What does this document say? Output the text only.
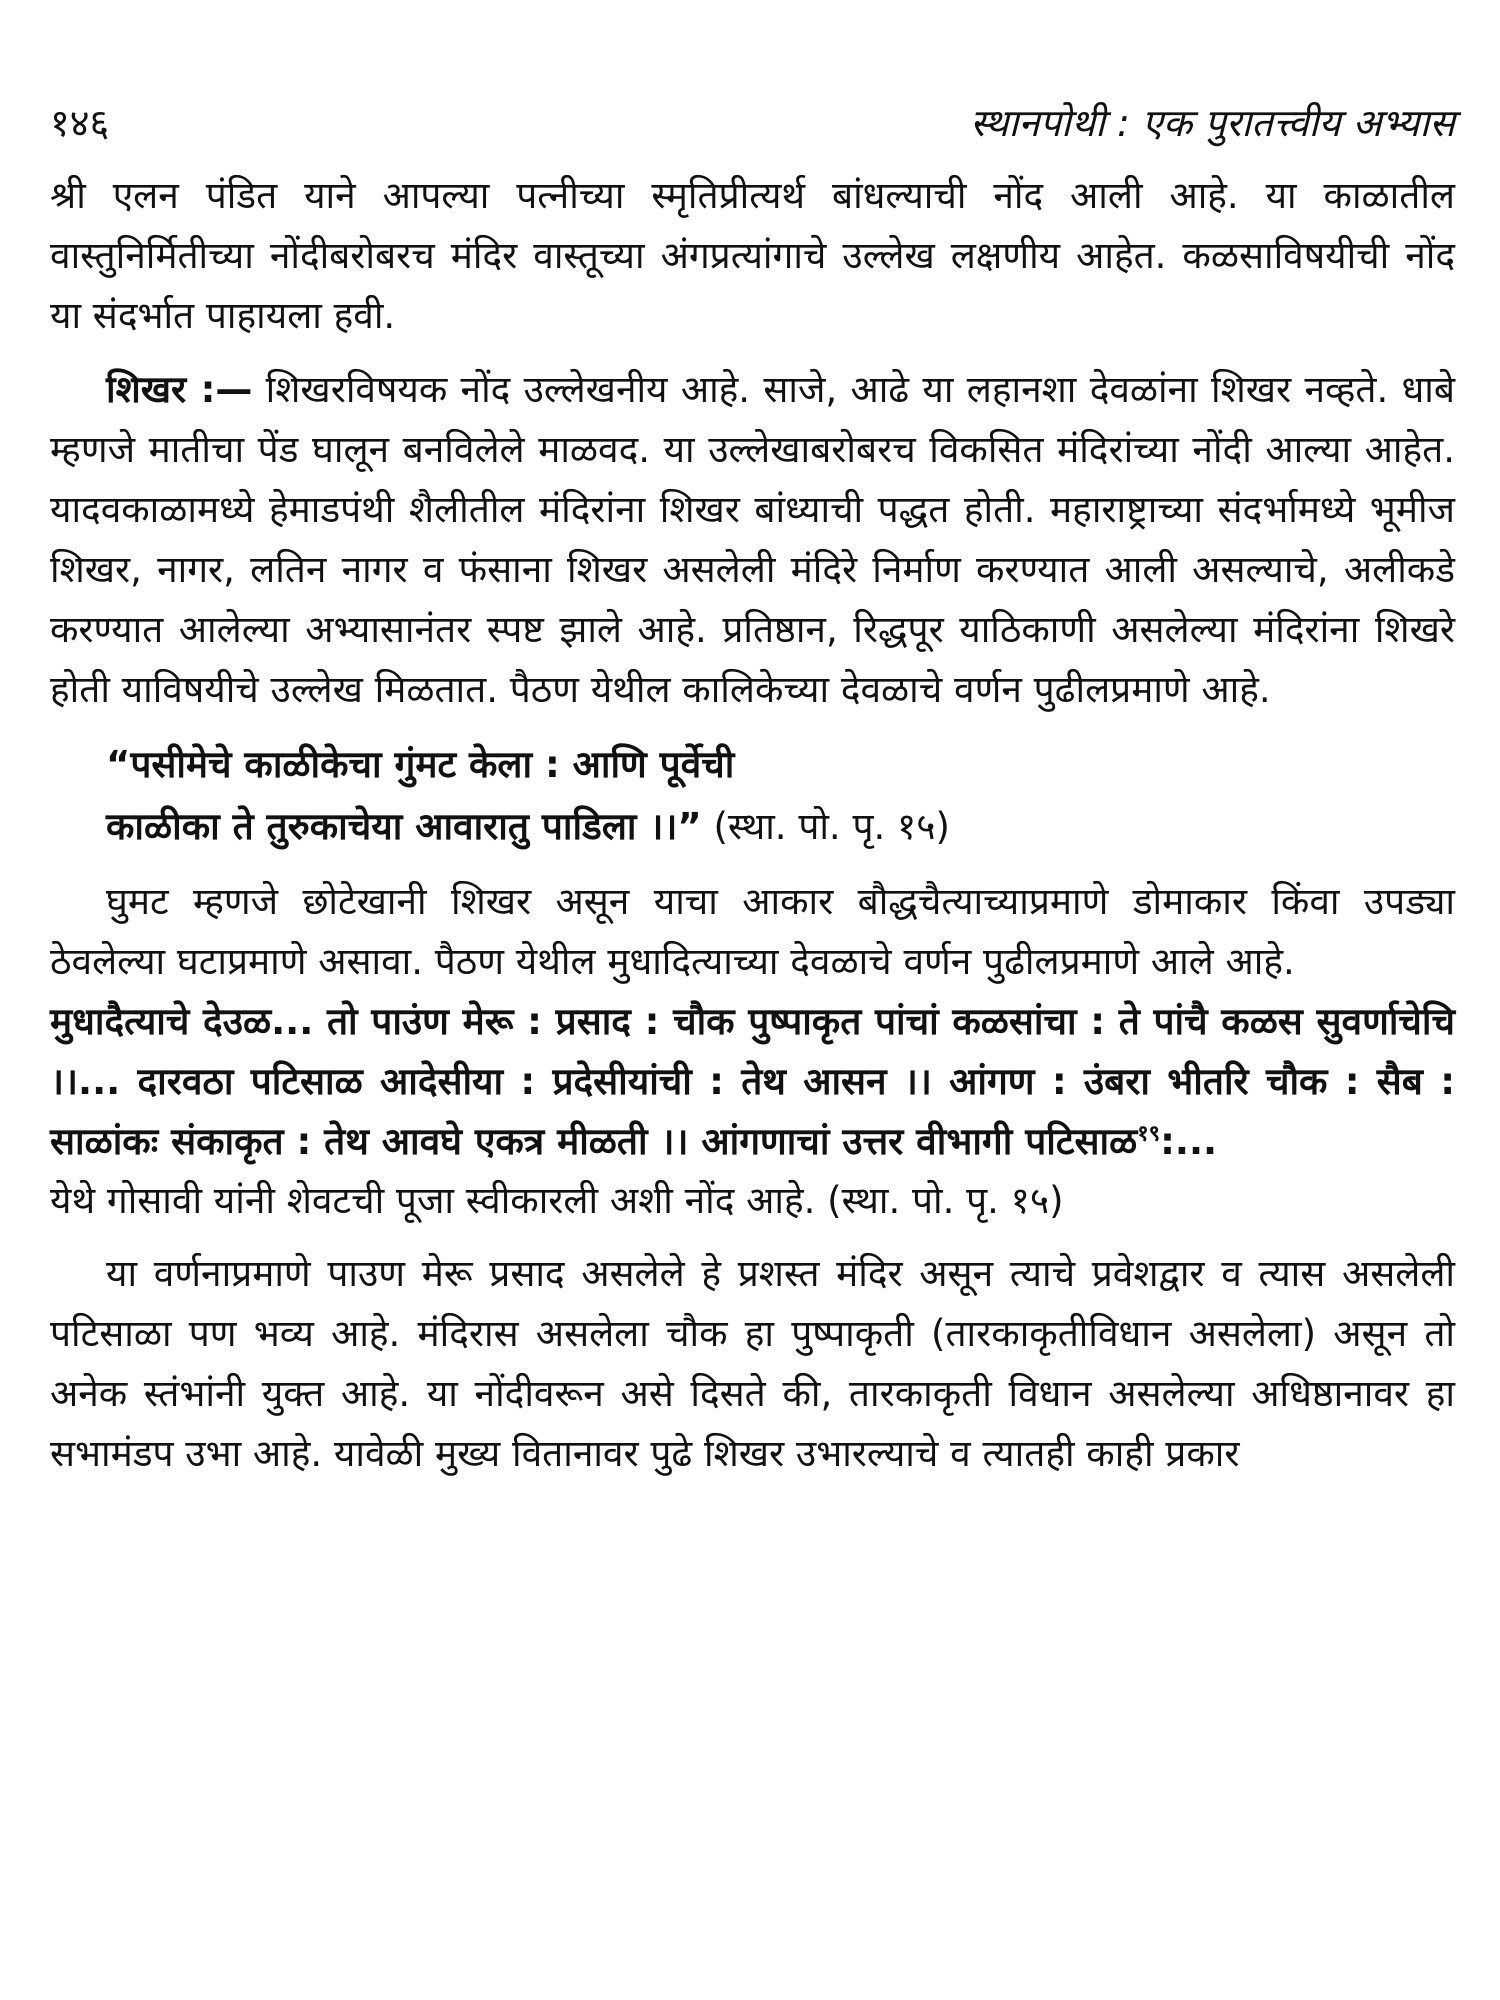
१४६	स्थानपोथी : एक पुरातत्त्वीय अभ्यास

श्री एलन पंडित याने आपल्या पत्नीच्या स्मृतिप्रीत्यर्थ बांधल्याची नोंद आली आहे. या काळातील वास्तुनिर्मितीच्या नोंदीबरोबरच मंदिर वास्तूच्या अंगप्रत्यांगाचे उल्लेख लक्षणीय आहेत. कळसाविषयीची नोंद या संदर्भात पाहायला हवी.

शिखर :— शिखरविषयक नोंद उल्लेखनीय आहे. साजे, आढे या लहानशा देवळांना शिखर नव्हते. धाबे म्हणजे मातीचा पेंड घालून बनविलेले माळवद. या उल्लेखाबरोबरच विकसित मंदिरांच्या नोंदी आल्या आहेत. यादवकाळामध्ये हेमाडपंथी शैलीतील मंदिरांना शिखर बांध्याची पद्धत होती. महाराष्ट्राच्या संदर्भामध्ये भूमीज शिखर, नागर, लतिन नागर व फंसाना शिखर असलेली मंदिरे निर्माण करण्यात आली असल्याचे, अलीकडे करण्यात आलेल्या अभ्यासानंतर स्पष्ट झाले आहे. प्रतिष्ठान, रिद्धपूर याठिकाणी असलेल्या मंदिरांना शिखरे होती याविषयीचे उल्लेख मिळतात. पैठण येथील कालिकेच्या देवळाचे वर्णन पुढीलप्रमाणे आहे.

“पसीमेचे काळीकेचा गुंमट केला : आणि पूर्वेची

काळीका ते तुरुकाचेया आवारातु पाडिला ।।” (स्था. पो. पृ. १५)

घुमट म्हणजे छोटेखानी शिखर असून याचा आकार बौद्धचैत्याच्याप्रमाणे डोमाकार किंवा उपड्या ठेवलेल्या घटाप्रमाणे असावा. पैठण येथील मुधादित्याच्या देवळाचे वर्णन पुढीलप्रमाणे आले आहे.

मुधादैत्याचे देउळ... तो पाउंण मेरू : प्रसाद : चौक पुष्पाकृत पांचां कळसांचा : ते पांचै कळस सुवर्णाचेचि ।।... दारवठा पटिसाळ आदेसीया : प्रदेसीयांची : तेथ आसन ।। आंगण : उंबरा भीतरि चौक : सैब : साळांकः संकाकृत : तेथ आवघे एकत्र मीळती ।। आंगणाचां उत्तर वीभागी पटिसाळ$^{१९}$:...

येथे गोसावी यांनी शेवटची पूजा स्वीकारली अशी नोंद आहे. (स्था. पो. पृ. १५)

या वर्णनाप्रमाणे पाउण मेरू प्रसाद असलेले हे प्रशस्त मंदिर असून त्याचे प्रवेशद्वार व त्यास असलेली पटिसाळा पण भव्य आहे. मंदिरास असलेला चौक हा पुष्पाकृती (तारकाकृतीविधान असलेला) असून तो अनेक स्तंभांनी युक्त आहे. या नोंदीवरून असे दिसते की, तारकाकृती विधान असलेल्या अधिष्ठानावर हा सभामंडप उभा आहे. यावेळी मुख्य वितानावर पुढे शिखर उभारल्याचे व त्यातही काही प्रकार
